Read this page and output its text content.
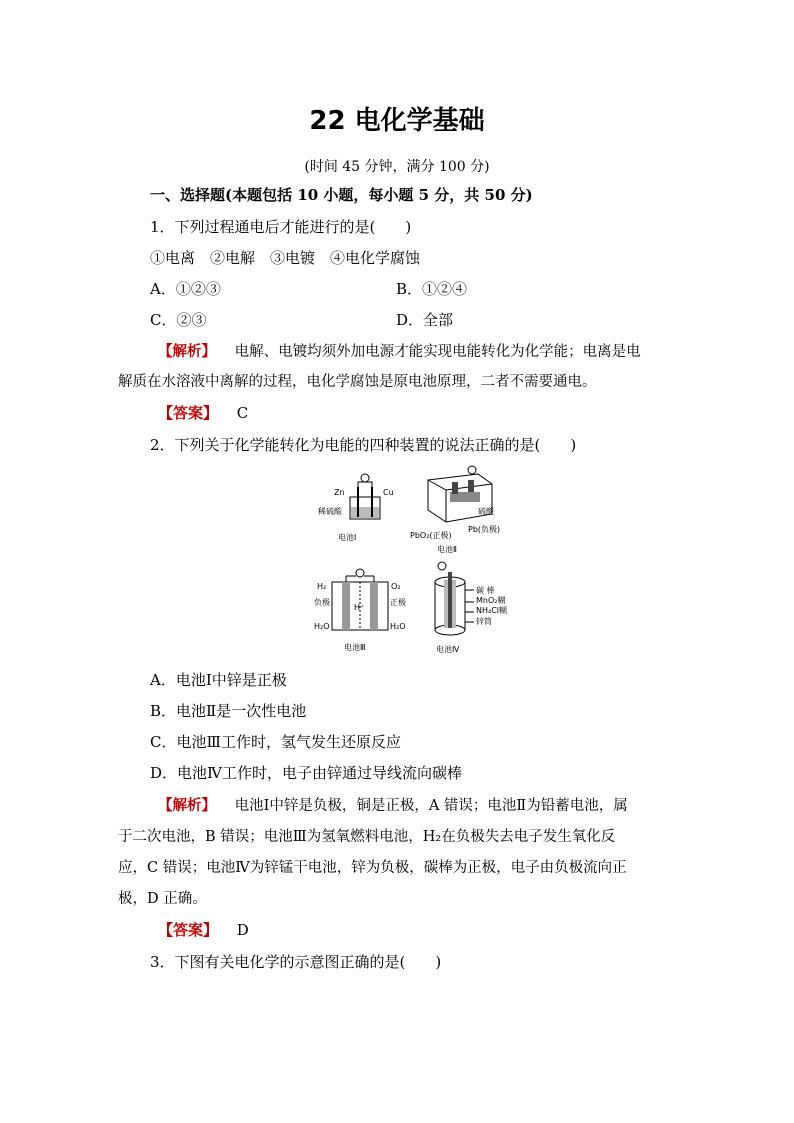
22 电化学基础
(时间 45 分钟，满分 100 分)
一、选择题(本题包括 10 小题，每小题 5 分，共 50 分)
1．下列过程通电后才能进行的是(　　)
①电离　②电解　③电镀　④电化学腐蚀
A．①②③	B．①②④
C．②③	D．全部
【解析】 电解、电镀均须外加电源才能实现电能转化为化学能；电离是电
解质在水溶液中离解的过程，电化学腐蚀是原电池原理，二者不需要通电。
【答案】 C
2．下列关于化学能转化为电能的四种装置的说法正确的是(　　)
Zn	Cu
稀硫酸
电池Ⅰ
硫酸
Pb(负极)
PbO₂(正极)
电池Ⅱ
H₂	O₂
负极
H⁺
正极
H₂O	H₂O
电池Ⅲ
碳 棒
MnO₂糊
NH₄Cl糊
锌筒
电池Ⅳ
A．电池Ⅰ中锌是正极
B．电池Ⅱ是一次性电池
C．电池Ⅲ工作时，氢气发生还原反应
D．电池Ⅳ工作时，电子由锌通过导线流向碳棒
【解析】 电池Ⅰ中锌是负极，铜是正极，A 错误；电池Ⅱ为铅蓄电池，属
于二次电池，B 错误；电池Ⅲ为氢氧燃料电池，H₂在负极失去电子发生氧化反
应，C 错误；电池Ⅳ为锌锰干电池，锌为负极，碳棒为正极，电子由负极流向正
极，D 正确。
【答案】 D
3．下图有关电化学的示意图正确的是(　　)
